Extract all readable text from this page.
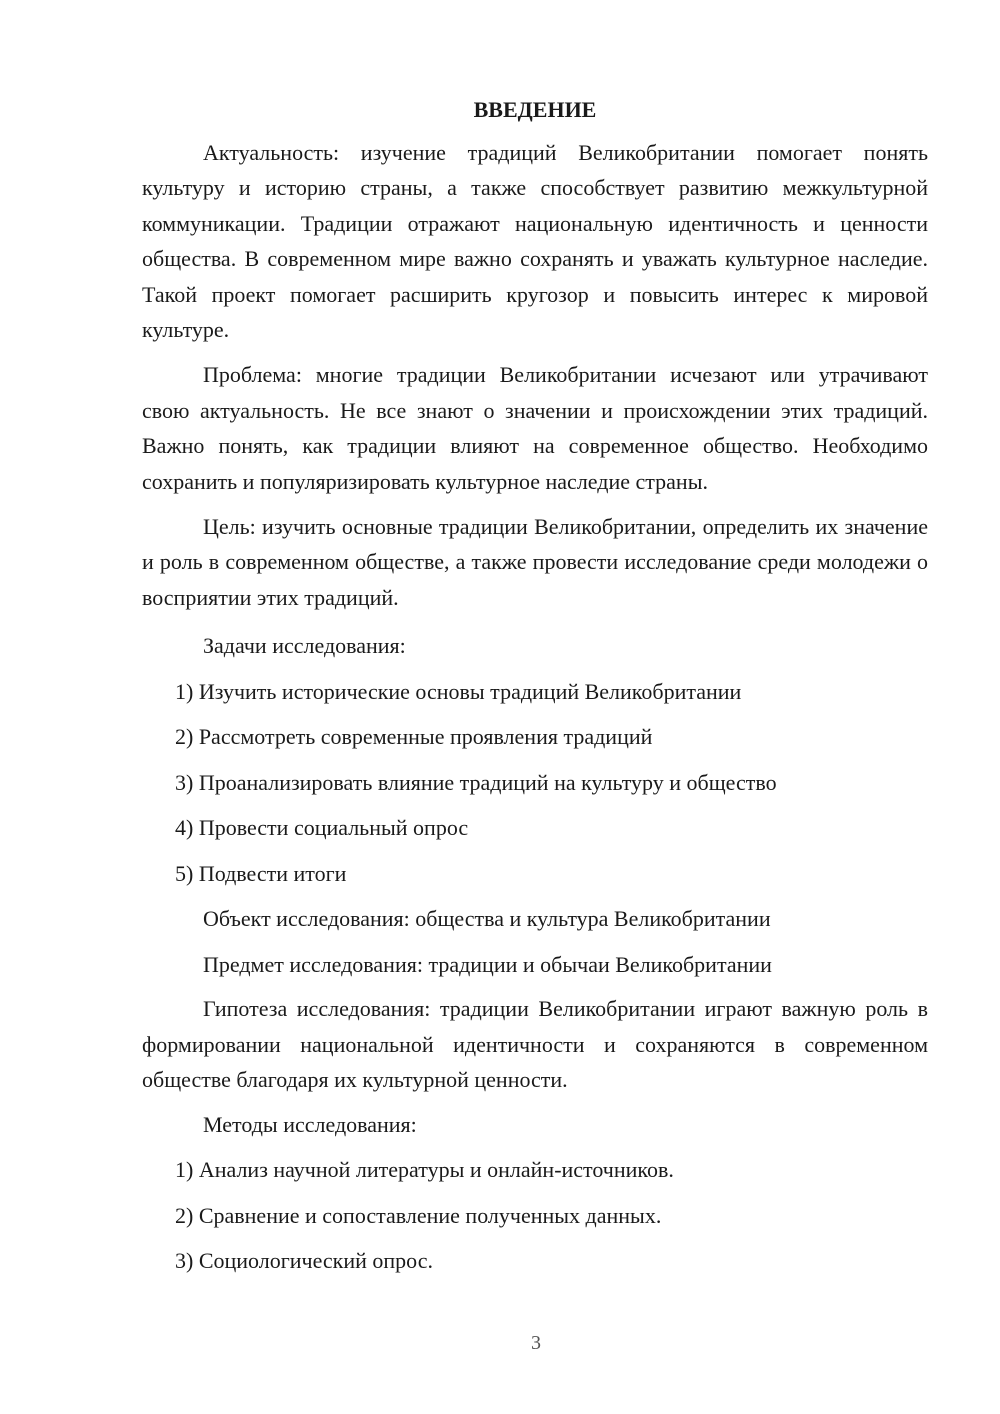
ВВЕДЕНИЕ

Актуальность: изучение традиций Великобритании помогает понять культуру и историю страны, а также способствует развитию межкультурной коммуникации. Традиции отражают национальную идентичность и ценности общества. В современном мире важно сохранять и уважать культурное наследие. Такой проект помогает расширить кругозор и повысить интерес к мировой культуре.

Проблема: многие традиции Великобритании исчезают или утрачивают свою актуальность. Не все знают о значении и происхождении этих традиций. Важно понять, как традиции влияют на современное общество. Необходимо сохранить и популяризировать культурное наследие страны.

Цель: изучить основные традиции Великобритании, определить их значение и роль в современном обществе, а также провести исследование среди молодежи о восприятии этих традиций.

Задачи исследования:

1) Изучить исторические основы традиций Великобритании

2) Рассмотреть современные проявления традиций

3) Проанализировать влияние традиций на культуру и общество

4) Провести социальный опрос

5) Подвести итоги

Объект исследования: общества и культура Великобритании

Предмет исследования: традиции и обычаи Великобритании

Гипотеза исследования: традиции Великобритании играют важную роль в формировании национальной идентичности и сохраняются в современном обществе благодаря их культурной ценности.

Методы исследования:

1) Анализ научной литературы и онлайн-источников.

2) Сравнение и сопоставление полученных данных.

3) Социологический опрос.

3
